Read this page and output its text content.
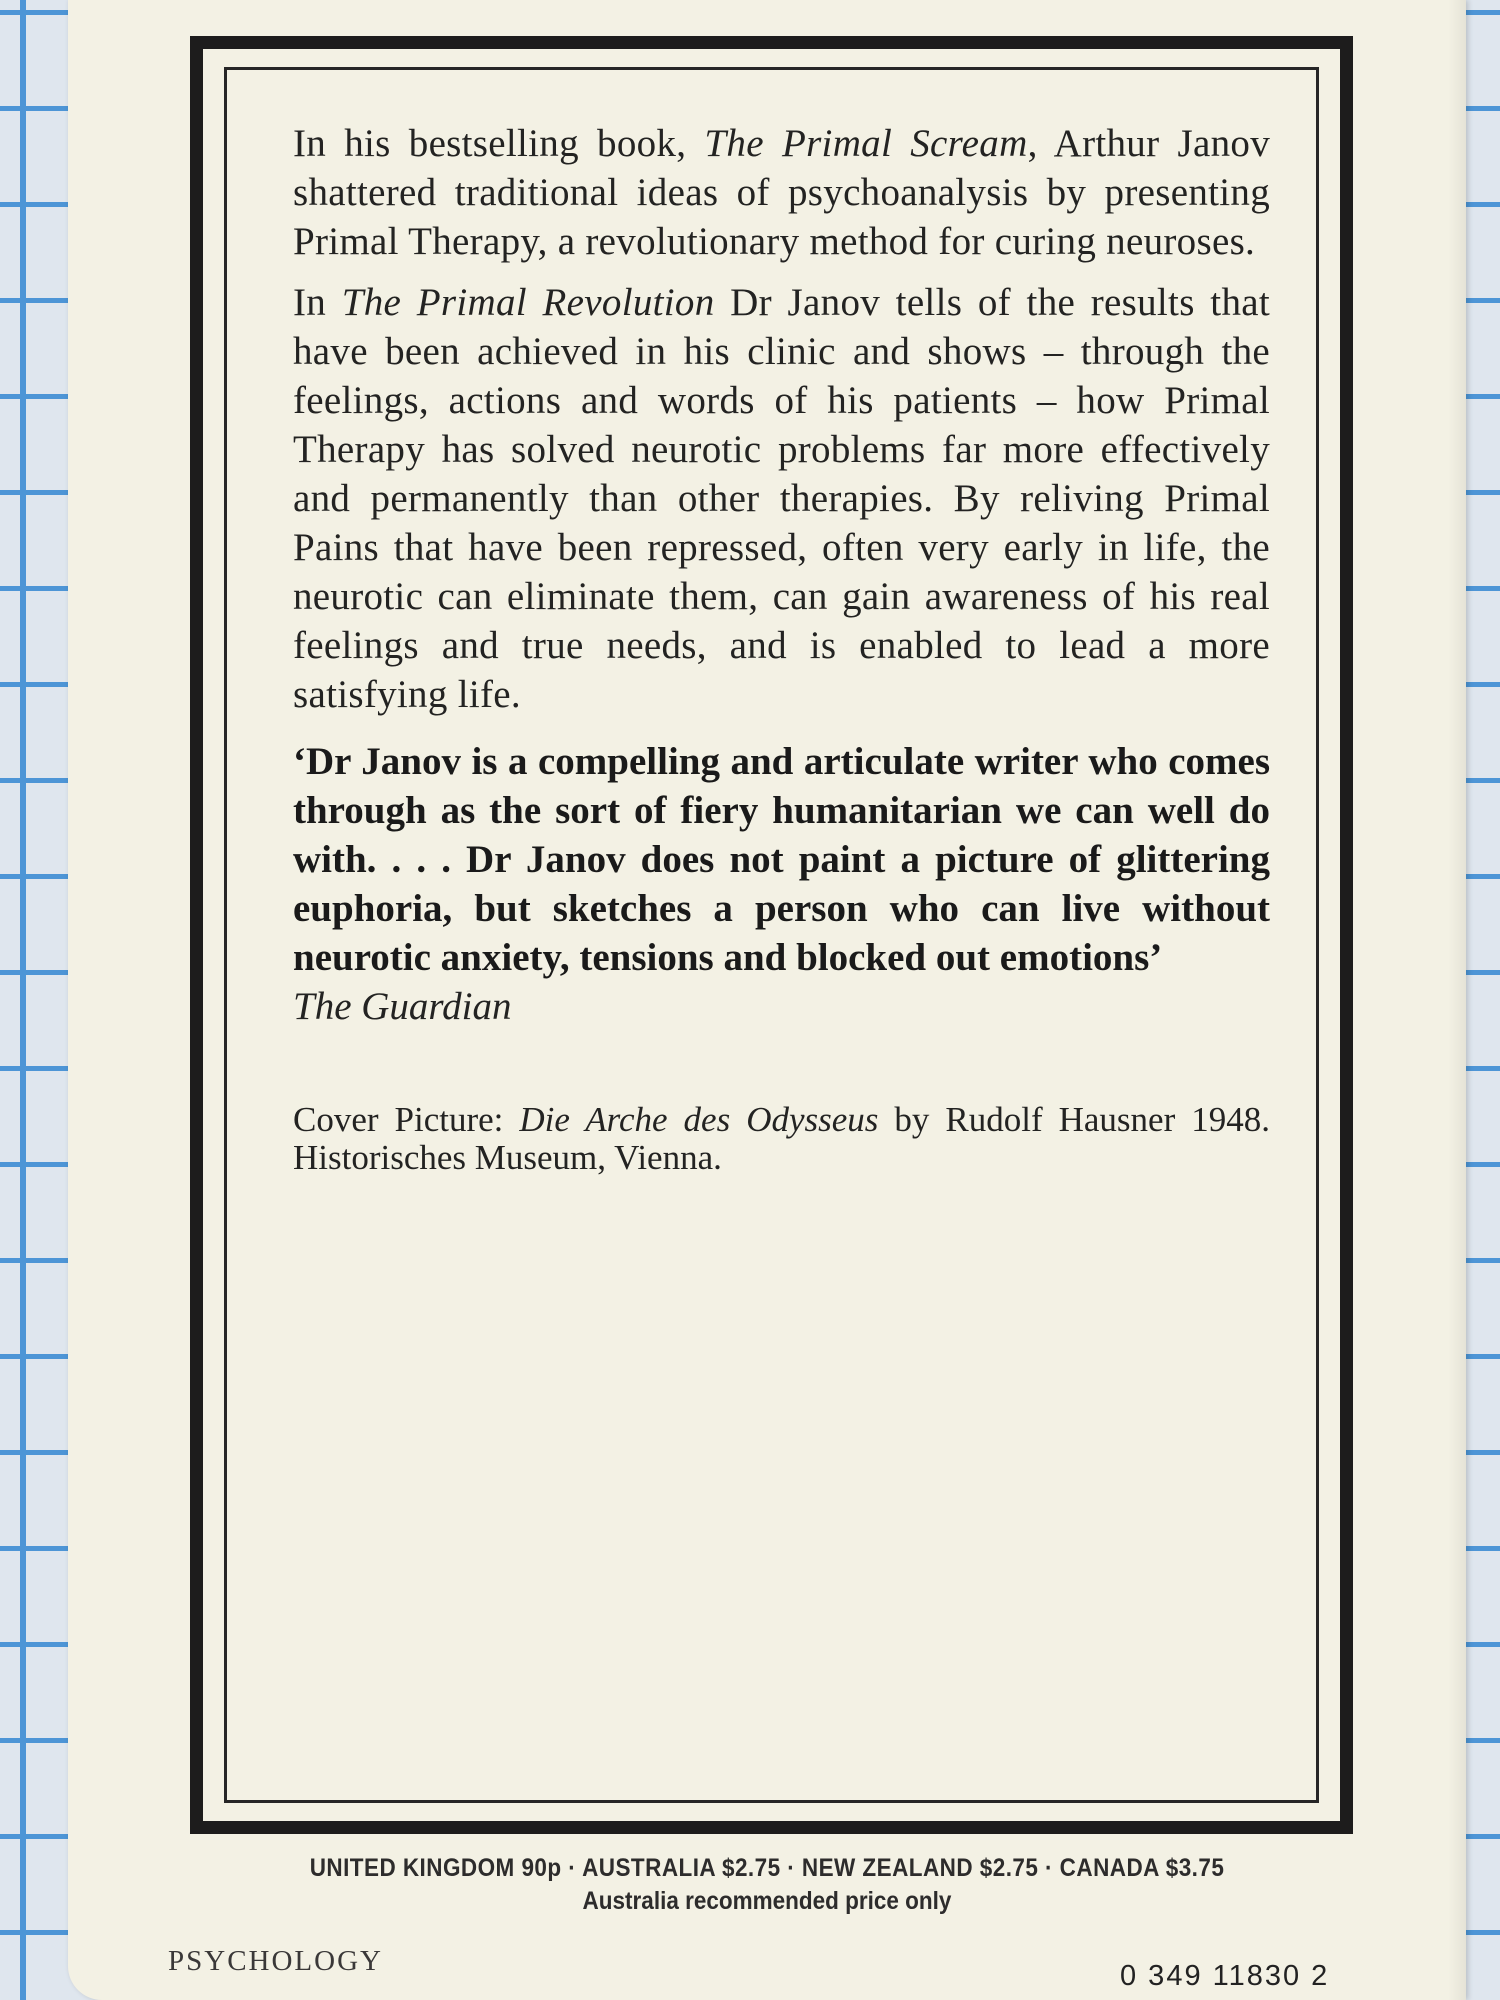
In his bestselling book, The Primal Scream, Arthur Janov shattered traditional ideas of psychoanalysis by presenting Primal Therapy, a revolutionary method for curing neuroses.

In The Primal Revolution Dr Janov tells of the results that have been achieved in his clinic and shows – through the feelings, actions and words of his patients – how Primal Therapy has solved neurotic problems far more effectively and permanently than other therapies. By reliving Primal Pains that have been repressed, often very early in life, the neurotic can eliminate them, can gain awareness of his real feelings and true needs, and is enabled to lead a more satisfying life.

‘Dr Janov is a compelling and articulate writer who comes through as the sort of fiery humanitarian we can well do with. . . . Dr Janov does not paint a picture of glittering euphoria, but sketches a person who can live without neurotic anxiety, tensions and blocked out emotions’

The Guardian

Cover Picture: Die Arche des Odysseus by Rudolf Hausner 1948. Historisches Museum, Vienna.

UNITED KINGDOM 90p · AUSTRALIA $2.75 · NEW ZEALAND $2.75 · CANADA $3.75
Australia recommended price only
PSYCHOLOGY	0 349 11830 2
